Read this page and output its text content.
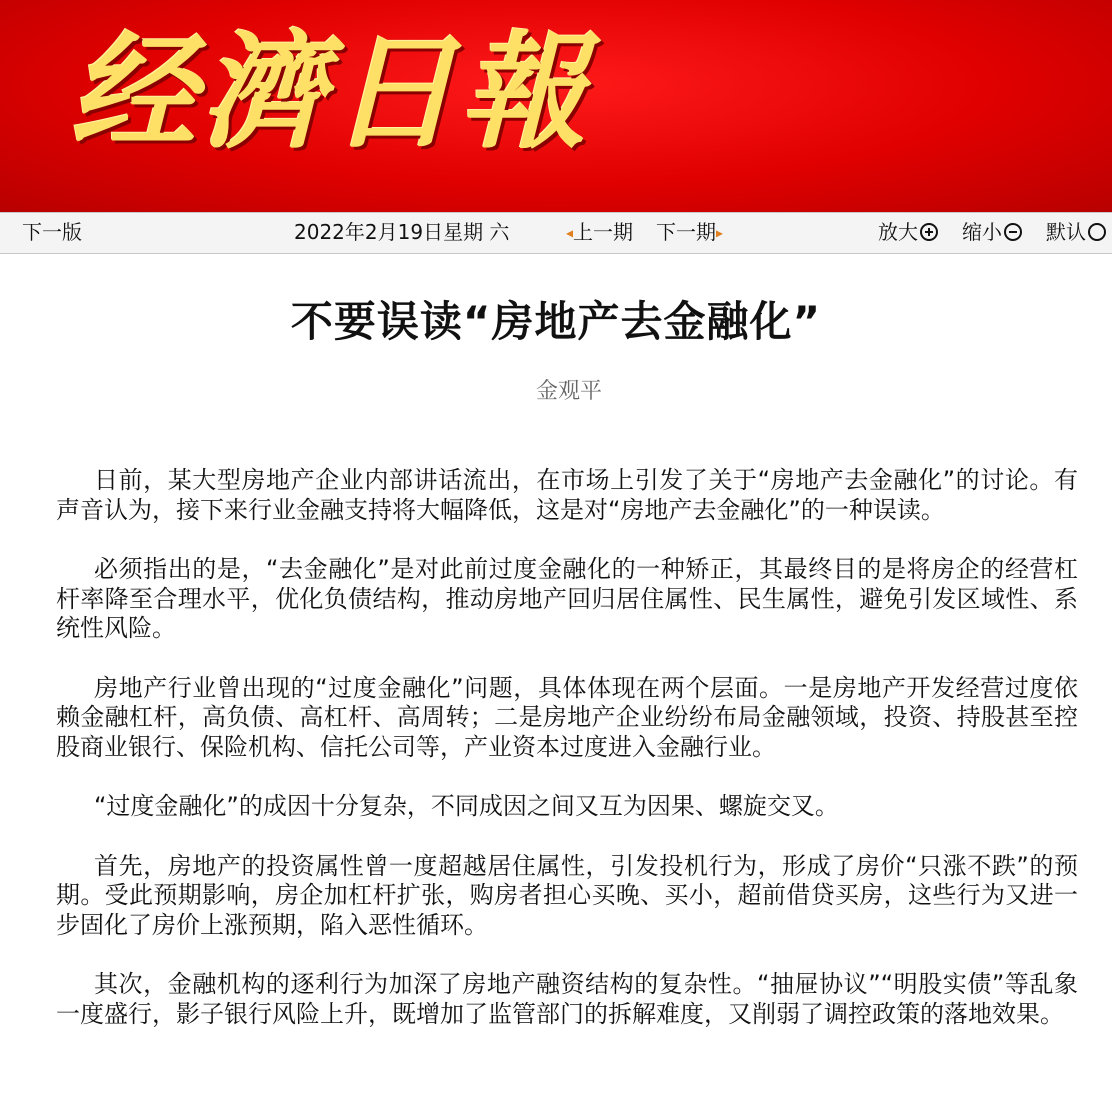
经濟日報
下一版	2022年2月19日星期 六	◂上一期 下一期▸	放大	缩小	默认
不要误读“房地产去金融化”
金观平

日前，某大型房地产企业内部讲话流出，在市场上引发了关于“房地产去金融化”的讨论。有声音认为，接下来行业金融支持将大幅降低，这是对“房地产去金融化”的一种误读。

必须指出的是，“去金融化”是对此前过度金融化的一种矫正，其最终目的是将房企的经营杠杆率降至合理水平，优化负债结构，推动房地产回归居住属性、民生属性，避免引发区域性、系统性风险。

房地产行业曾出现的“过度金融化”问题，具体体现在两个层面。一是房地产开发经营过度依赖金融杠杆，高负债、高杠杆、高周转；二是房地产企业纷纷布局金融领域，投资、持股甚至控股商业银行、保险机构、信托公司等，产业资本过度进入金融行业。

“过度金融化”的成因十分复杂，不同成因之间又互为因果、螺旋交叉。

首先，房地产的投资属性曾一度超越居住属性，引发投机行为，形成了房价“只涨不跌”的预期。受此预期影响，房企加杠杆扩张，购房者担心买晚、买小，超前借贷买房，这些行为又进一步固化了房价上涨预期，陷入恶性循环。

其次，金融机构的逐利行为加深了房地产融资结构的复杂性。“抽屉协议”“明股实债”等乱象一度盛行，影子银行风险上升，既增加了监管部门的拆解难度，又削弱了调控政策的落地效果。
